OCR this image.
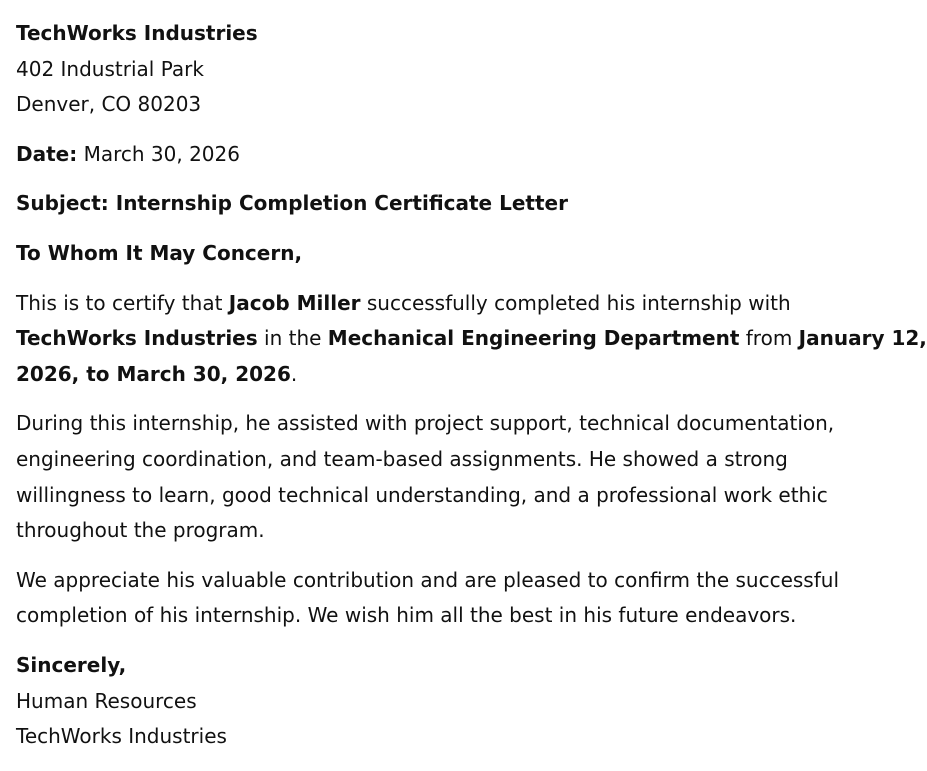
TechWorks Industries
402 Industrial Park
Denver, CO 80203
Date: March 30, 2026
Subject: Internship Completion Certificate Letter
To Whom It May Concern,
This is to certify that Jacob Miller successfully completed his internship with
TechWorks Industries in the Mechanical Engineering Department from January 12,
2026, to March 30, 2026.
During this internship, he assisted with project support, technical documentation,
engineering coordination, and team-based assignments. He showed a strong
willingness to learn, good technical understanding, and a professional work ethic
throughout the program.
We appreciate his valuable contribution and are pleased to confirm the successful
completion of his internship. We wish him all the best in his future endeavors.
Sincerely,
Human Resources
TechWorks Industries
